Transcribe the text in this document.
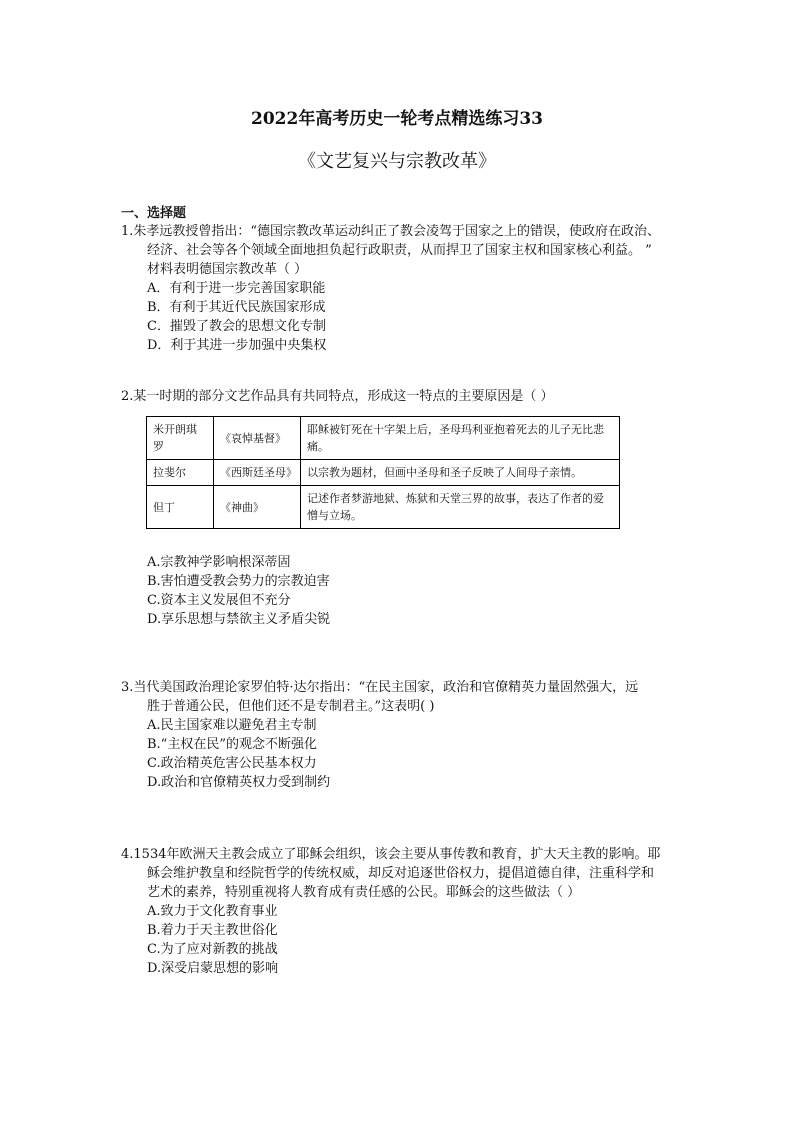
2022年高考历史一轮考点精选练习33
《文艺复兴与宗教改革》
一、选择题
1.朱孝远教授曾指出：“德国宗教改革运动纠正了教会凌驾于国家之上的错误，使政府在政治、
经济、社会等各个领域全面地担负起行政职责，从而捍卫了国家主权和国家核心利益。 ”
材料表明德国宗教改革（ ）
A．有利于进一步完善国家职能
B．有利于其近代民族国家形成
C．摧毁了教会的思想文化专制
D．利于其进一步加强中央集权
2.某一时期的部分文艺作品具有共同特点，形成这一特点的主要原因是（ ）
米开朗琪罗	《哀悼基督》	耶稣被钉死在十字架上后，圣母玛利亚抱着死去的儿子无比悲痛。
拉斐尔	《西斯廷圣母》	以宗教为题材，但画中圣母和圣子反映了人间母子亲情。
但丁	《神曲》	记述作者梦游地狱、炼狱和天堂三界的故事，表达了作者的爱憎与立场。
A.宗教神学影响根深蒂固
B.害怕遭受教会势力的宗教迫害
C.资本主义发展但不充分
D.享乐思想与禁欲主义矛盾尖锐
3.当代美国政治理论家罗伯特·达尔指出：“在民主国家，政治和官僚精英力量固然强大，远
胜于普通公民，但他们还不是专制君主。”这表明( )
A.民主国家难以避免君主专制
B.“主权在民”的观念不断强化
C.政治精英危害公民基本权力
D.政治和官僚精英权力受到制约
4.1534年欧洲天主教会成立了耶稣会组织，该会主要从事传教和教育，扩大天主教的影响。耶
稣会维护教皇和经院哲学的传统权威，却反对追逐世俗权力，提倡道德自律，注重科学和
艺术的素养，特别重视将人教育成有责任感的公民。耶稣会的这些做法（ ）
A.致力于文化教育事业
B.着力于天主教世俗化
C.为了应对新教的挑战
D.深受启蒙思想的影响
